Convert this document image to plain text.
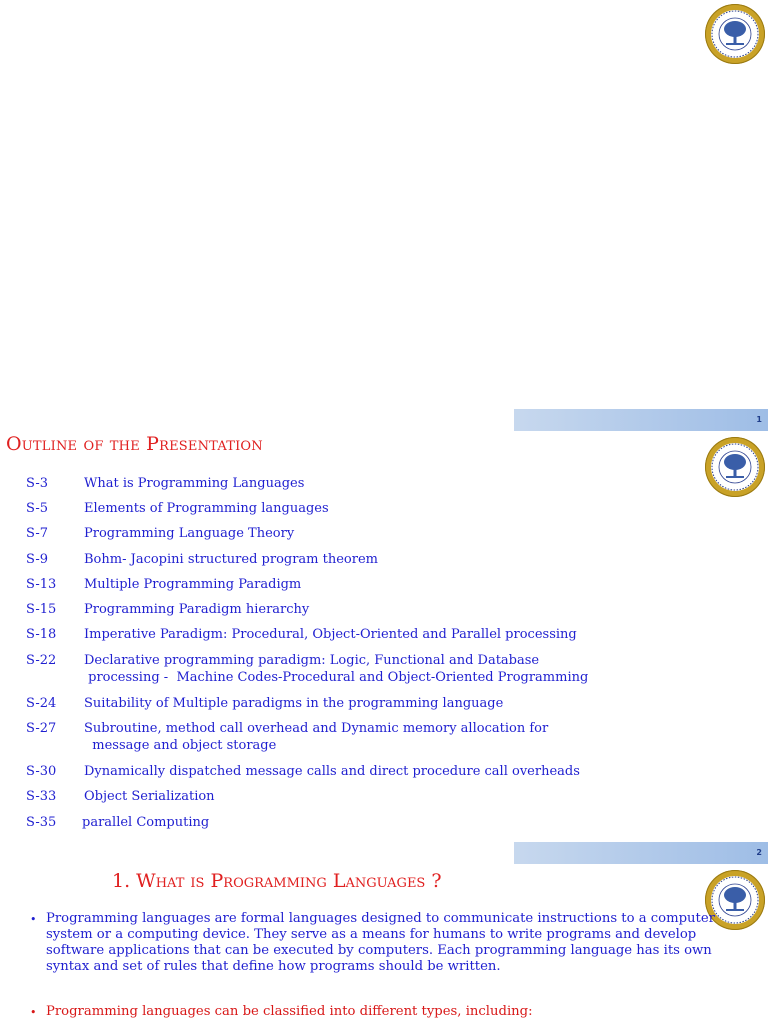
1
Outline of the Presentation
S-3	What is Programming Languages
S-5	Elements of Programming languages
S-7	Programming Language Theory
S-9	Bohm- Jacopini structured program theorem
S-13	Multiple Programming Paradigm
S-15	Programming Paradigm hierarchy
S-18	Imperative Paradigm: Procedural, Object-Oriented and Parallel processing
S-22	Declarative programming paradigm: Logic, Functional and Database
processing -  Machine Codes-Procedural and Object-Oriented Programming
S-24	Suitability of Multiple paradigms in the programming language
S-27	Subroutine, method call overhead and Dynamic memory allocation for
message and object storage
S-30	Dynamically dispatched message calls and direct procedure call overheads
S-33	Object Serialization
S-35	parallel Computing
2
1. What is Programming Languages ?
• Programming languages are formal languages designed to communicate instructions to a computer system or a computing device. They serve as a means for humans to write programs and develop software applications that can be executed by computers. Each programming language has its own syntax and set of rules that define how programs should be written.
• Programming languages can be classified into different types, including:
